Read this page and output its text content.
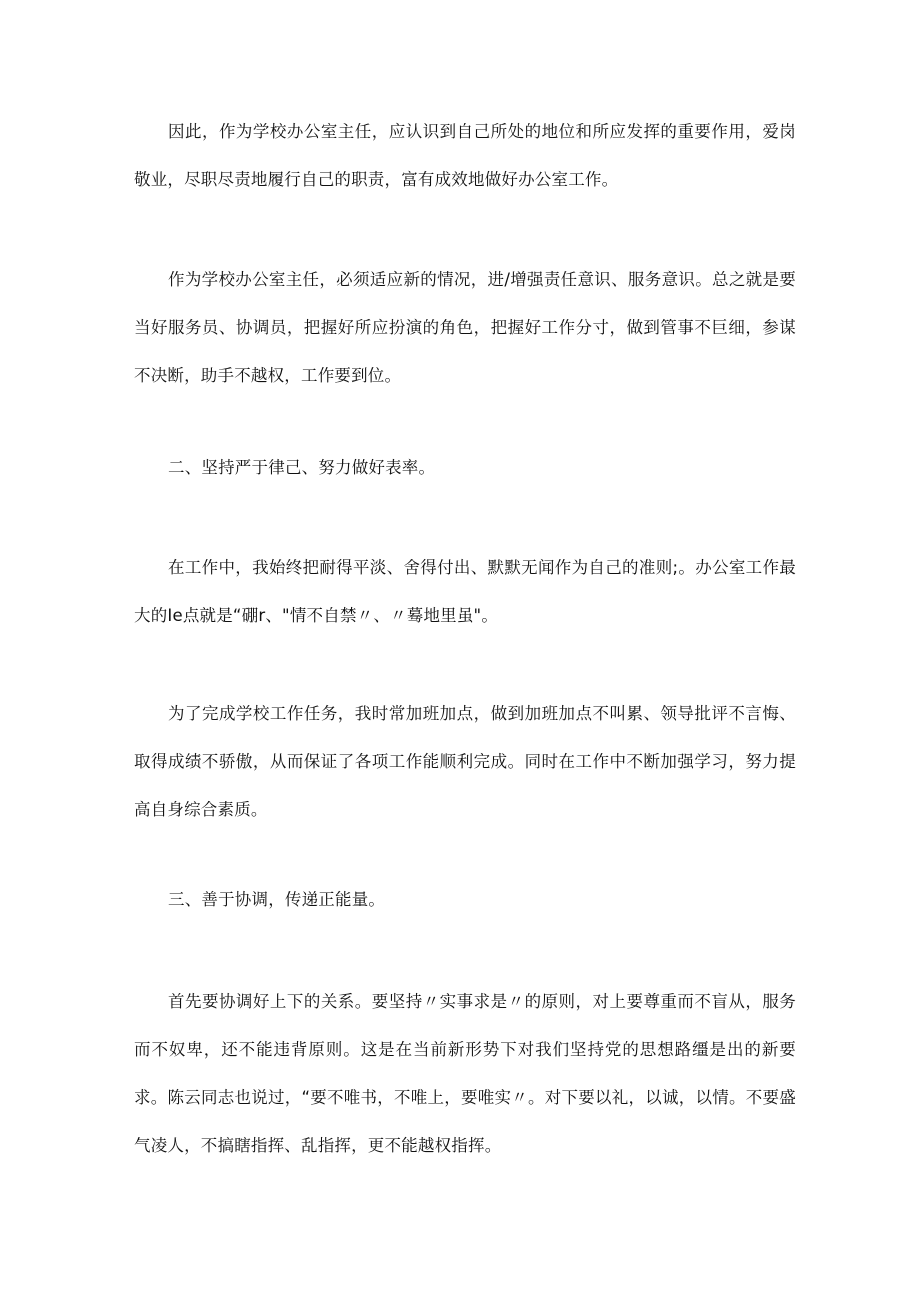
因此，作为学校办公室主任，应认识到自己所处的地位和所应发挥的重要作用，爱岗敬业，尽职尽责地履行自己的职责，富有成效地做好办公室工作。

作为学校办公室主任，必须适应新的情况，进/增强责任意识、服务意识。总之就是要当好服务员、协调员，把握好所应扮演的角色，把握好工作分寸，做到管事不巨细，参谋不决断，助手不越权，工作要到位。

二、坚持严于律己、努力做好表率。

在工作中，我始终把耐得平淡、舍得付出、默默无闻作为自己的准则;。办公室工作最大的Ie点就是“硼r、"情不自禁〃、〃蓦地里虽"。

为了完成学校工作任务，我时常加班加点，做到加班加点不叫累、领导批评不言悔、取得成绩不骄傲，从而保证了各项工作能顺利完成。同时在工作中不断加强学习，努力提高自身综合素质。

三、善于协调，传递正能量。

首先要协调好上下的关系。要坚持〃实事求是〃的原则，对上要尊重而不盲从，服务而不奴卑，还不能违背原则。这是在当前新形势下对我们坚持党的思想路缰是出的新要求。陈云同志也说过，“要不唯书，不唯上，要唯实〃。对下要以礼，以诚，以情。不要盛气凌人，不搞瞎指挥、乱指挥，更不能越权指挥。
